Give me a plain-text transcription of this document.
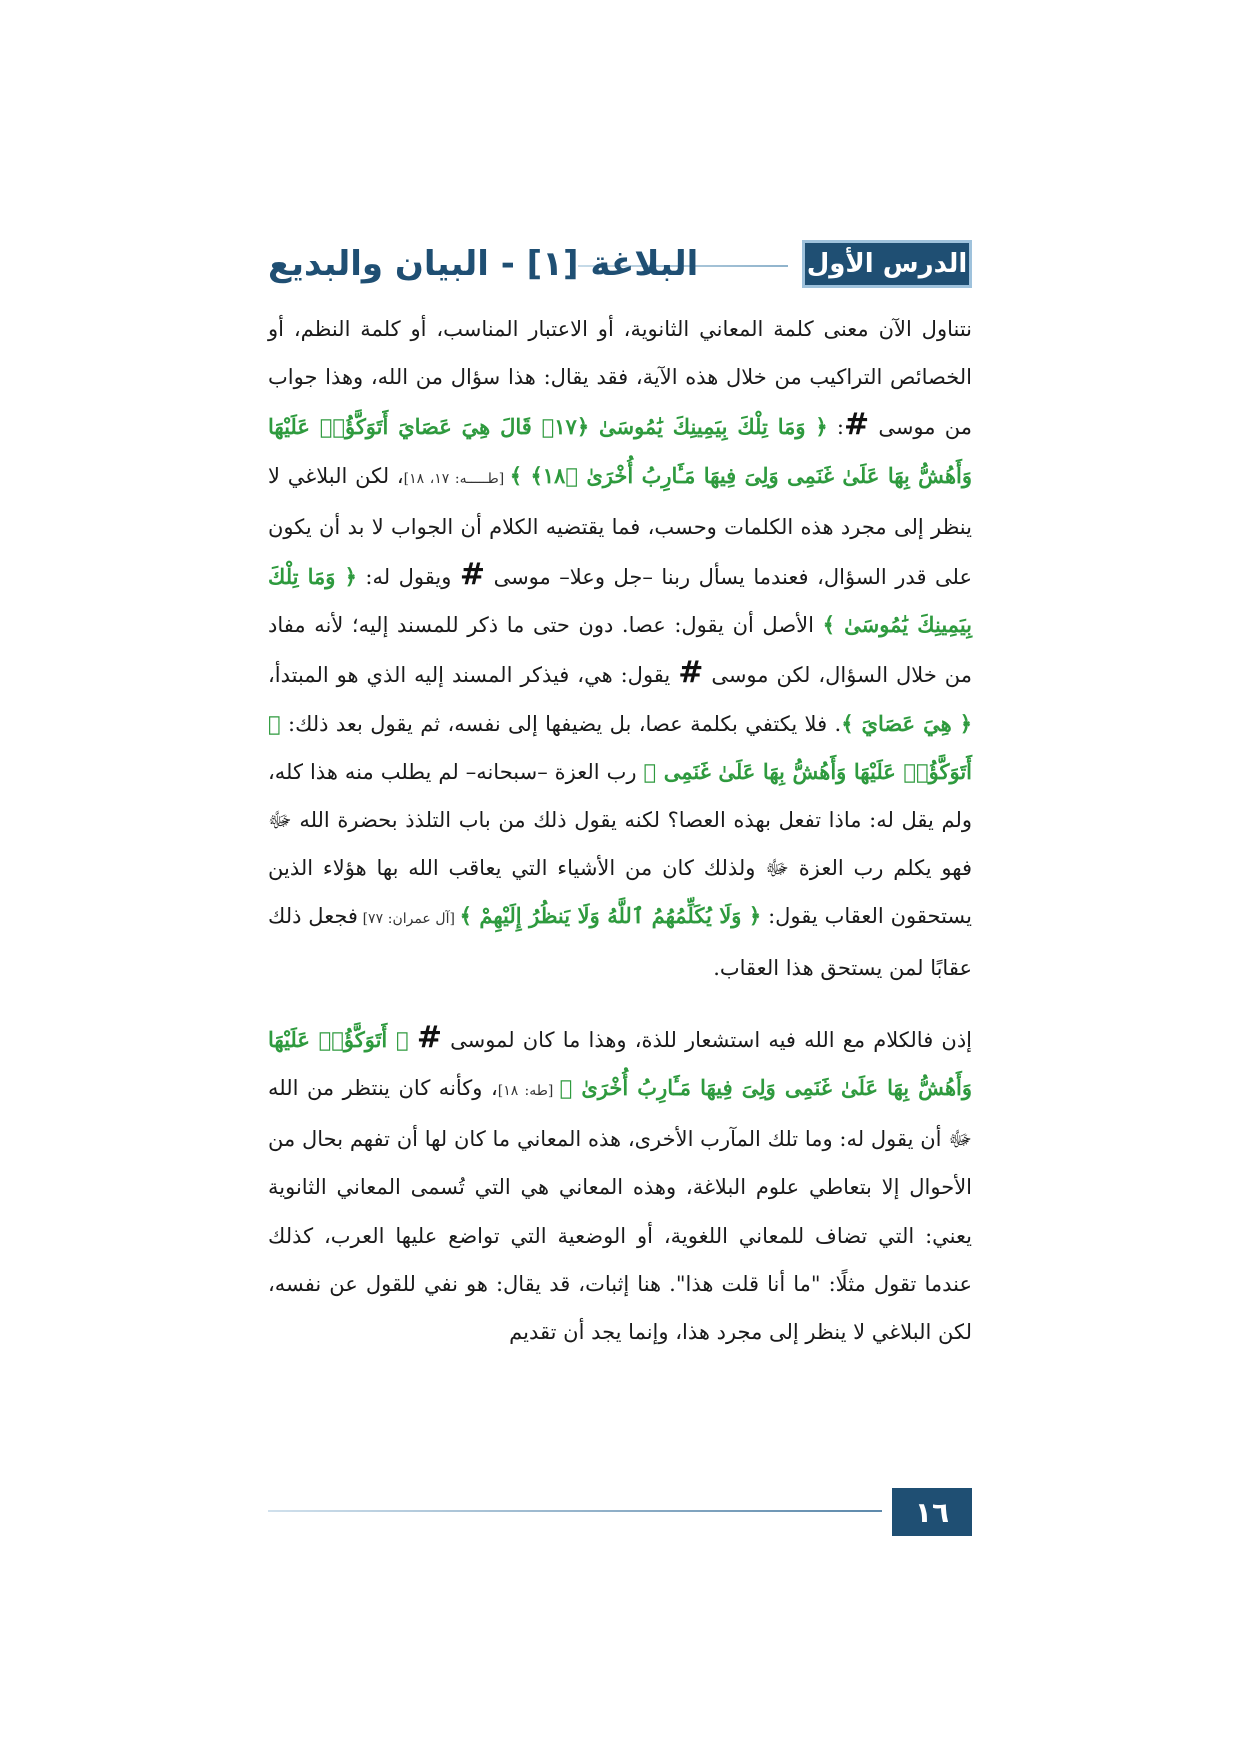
الدرس الأول
البلاغة [١] - البيان والبديع

نتناول الآن معنى كلمة المعاني الثانوية، أو الاعتبار المناسب، أو كلمة النظم، أو الخصائص التراكيب من خلال هذه الآية، فقد يقال: هذا سؤال من الله، وهذا جواب من موسى #: ﴿ وَمَا تِلْكَ بِيَمِينِكَ يَٰمُوسَىٰ ﴿١٧﴾ قَالَ هِيَ عَصَايَ أَتَوَكَّؤُا۟ عَلَيْهَا وَأَهُشُّ بِهَا عَلَىٰ غَنَمِى وَلِىَ فِيهَا مَـَٔارِبُ أُخْرَىٰ ﴿١٨﴾ ﴾ [طـــــه: ١٧، ١٨]، لكن البلاغي لا ينظر إلى مجرد هذه الكلمات وحسب، فما يقتضيه الكلام أن الجواب لا بد أن يكون على قدر السؤال، فعندما يسأل ربنا –جل وعلا– موسى # ويقول له: ﴿ وَمَا تِلْكَ بِيَمِينِكَ يَٰمُوسَىٰ ﴾ الأصل أن يقول: عصا. دون حتى ما ذكر للمسند إليه؛ لأنه مفاد من خلال السؤال، لكن موسى # يقول: هي، فيذكر المسند إليه الذي هو المبتدأ، ﴿ هِيَ عَصَايَ ﴾. فلا يكتفي بكلمة عصا، بل يضيفها إلى نفسه، ثم يقول بعد ذلك: ﴿ أَتَوَكَّؤُا۟ عَلَيْهَا وَأَهُشُّ بِهَا عَلَىٰ غَنَمِى ﴾ رب العزة –سبحانه– لم يطلب منه هذا كله، ولم يقل له: ماذا تفعل بهذه العصا؟ لكنه يقول ذلك من باب التلذذ بحضرة الله ﷻ فهو يكلم رب العزة ﷻ ولذلك كان من الأشياء التي يعاقب الله بها هؤلاء الذين يستحقون العقاب يقول: ﴿ وَلَا يُكَلِّمُهُمُ ٱللَّهُ وَلَا يَنظُرُ إِلَيْهِمْ ﴾ [آل عمران: ٧٧] فجعل ذلك عقابًا لمن يستحق هذا العقاب.

إذن فالكلام مع الله فيه استشعار للذة، وهذا ما كان لموسى # ﴿ أَتَوَكَّؤُا۟ عَلَيْهَا وَأَهُشُّ بِهَا عَلَىٰ غَنَمِى وَلِىَ فِيهَا مَـَٔارِبُ أُخْرَىٰ ﴾ [طه: ١٨]، وكأنه كان ينتظر من الله ﷻ أن يقول له: وما تلك المآرب الأخرى، هذه المعاني ما كان لها أن تفهم بحال من الأحوال إلا بتعاطي علوم البلاغة، وهذه المعاني هي التي تُسمى المعاني الثانوية يعني: التي تضاف للمعاني اللغوية، أو الوضعية التي تواضع عليها العرب، كذلك عندما تقول مثلًا: "ما أنا قلت هذا". هنا إثبات، قد يقال: هو نفي للقول عن نفسه، لكن البلاغي لا ينظر إلى مجرد هذا، وإنما يجد أن تقديم

١٦
